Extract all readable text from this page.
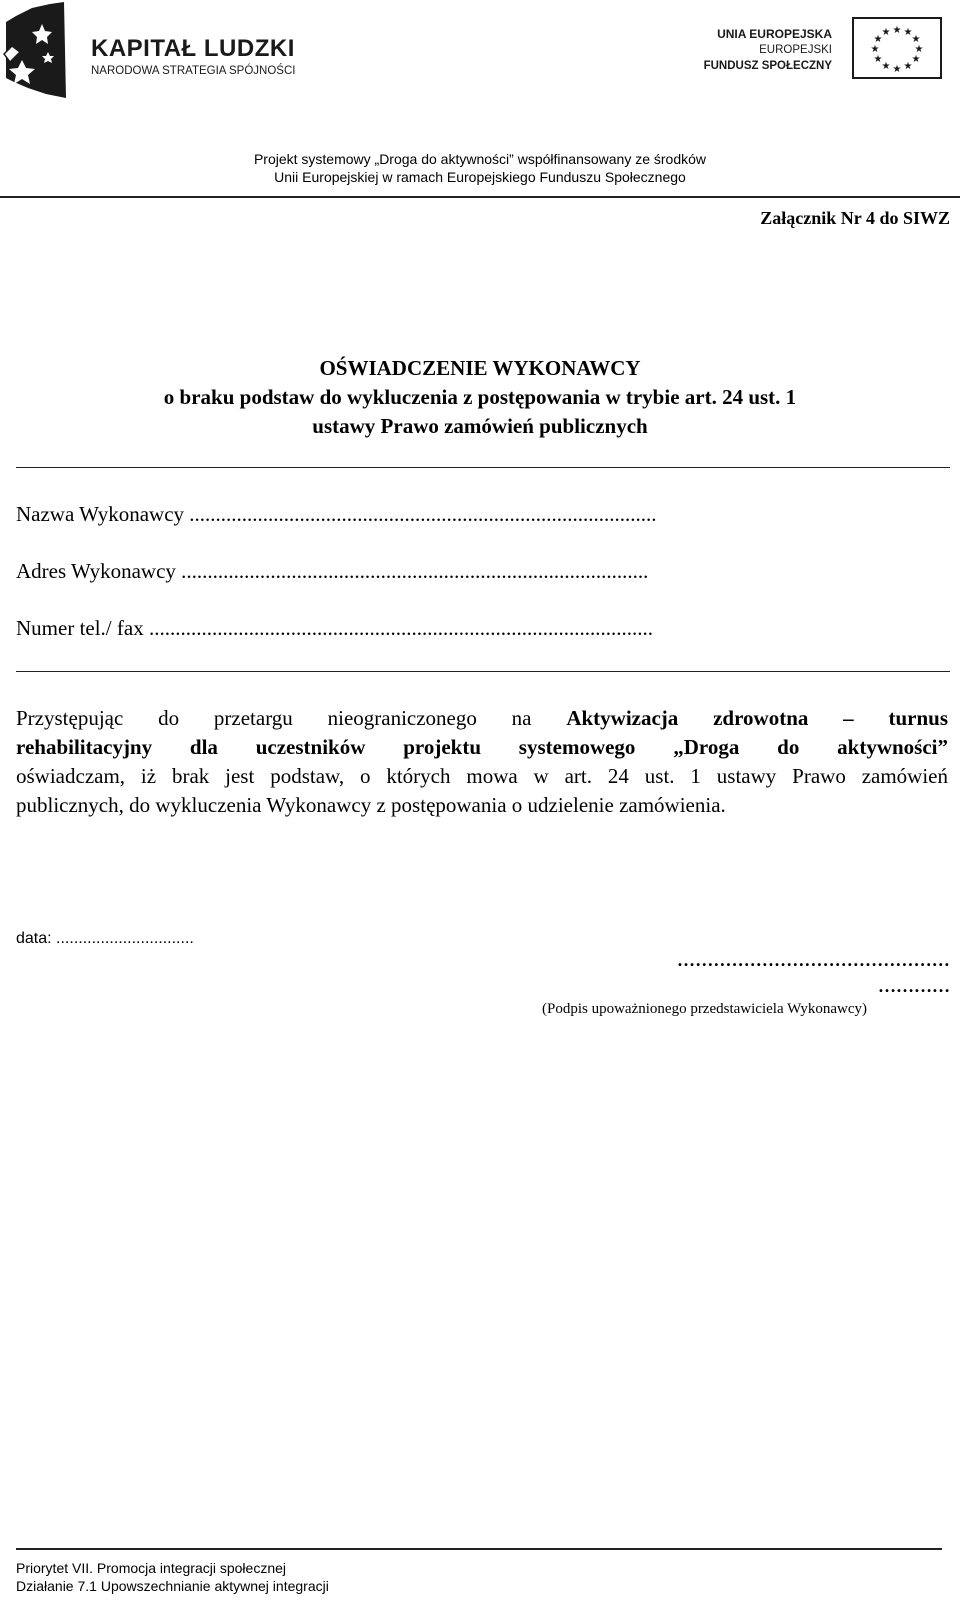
KAPITAŁ LUDZKI
NARODOWA STRATEGIA SPÓJNOŚCI
UNIA EUROPEJSKA
EUROPEJSKI
FUNDUSZ SPOŁECZNY
★ ★
★
★
★
★
★
★
★
★
★
★
Projekt systemowy „Droga do aktywności” współfinansowany ze środków
Unii Europejskiej w ramach Europejskiego Funduszu Społecznego
Załącznik Nr 4 do SIWZ
OŚWIADCZENIE WYKONAWCY
o braku podstaw do wykluczenia z postępowania w trybie art. 24 ust. 1
ustawy Prawo zamówień publicznych
Nazwa Wykonawcy .........................................................................................
Adres Wykonawcy .........................................................................................
Numer tel./ fax ................................................................................................
Przystępując do przetargu nieograniczonego na Aktywizacja zdrowotna – turnus
rehabilitacyjny dla uczestników projektu systemowego „Droga do aktywności”
oświadczam, iż brak jest podstaw, o których mowa w art. 24 ust. 1 ustawy Prawo zamówień
publicznych, do wykluczenia Wykonawcy z postępowania o udzielenie zamówienia.
data: ...............................
………………………………………
…………
(Podpis upoważnionego przedstawiciela Wykonawcy)
Priorytet VII. Promocja integracji społecznej
Działanie 7.1 Upowszechnianie aktywnej integracji
